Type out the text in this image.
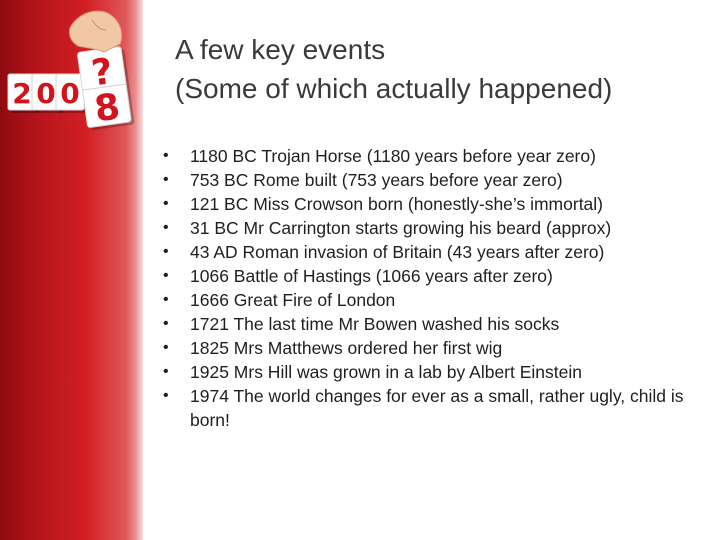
2 0 0 ?
8
A few key events
(Some of which actually happened)
• 1180 BC Trojan Horse (1180 years before year zero)
• 753 BC Rome built (753 years before year zero)
• 121 BC Miss Crowson born (honestly-she’s immortal)
• 31 BC Mr Carrington starts growing his beard (approx)
• 43 AD Roman invasion of Britain (43 years after zero)
• 1066 Battle of Hastings (1066 years after zero)
• 1666 Great Fire of London
• 1721 The last time Mr Bowen washed his socks
• 1825 Mrs Matthews ordered her first wig
• 1925 Mrs Hill was grown in a lab by Albert Einstein
• 1974 The world changes for ever as a small, rather ugly, child is born!
